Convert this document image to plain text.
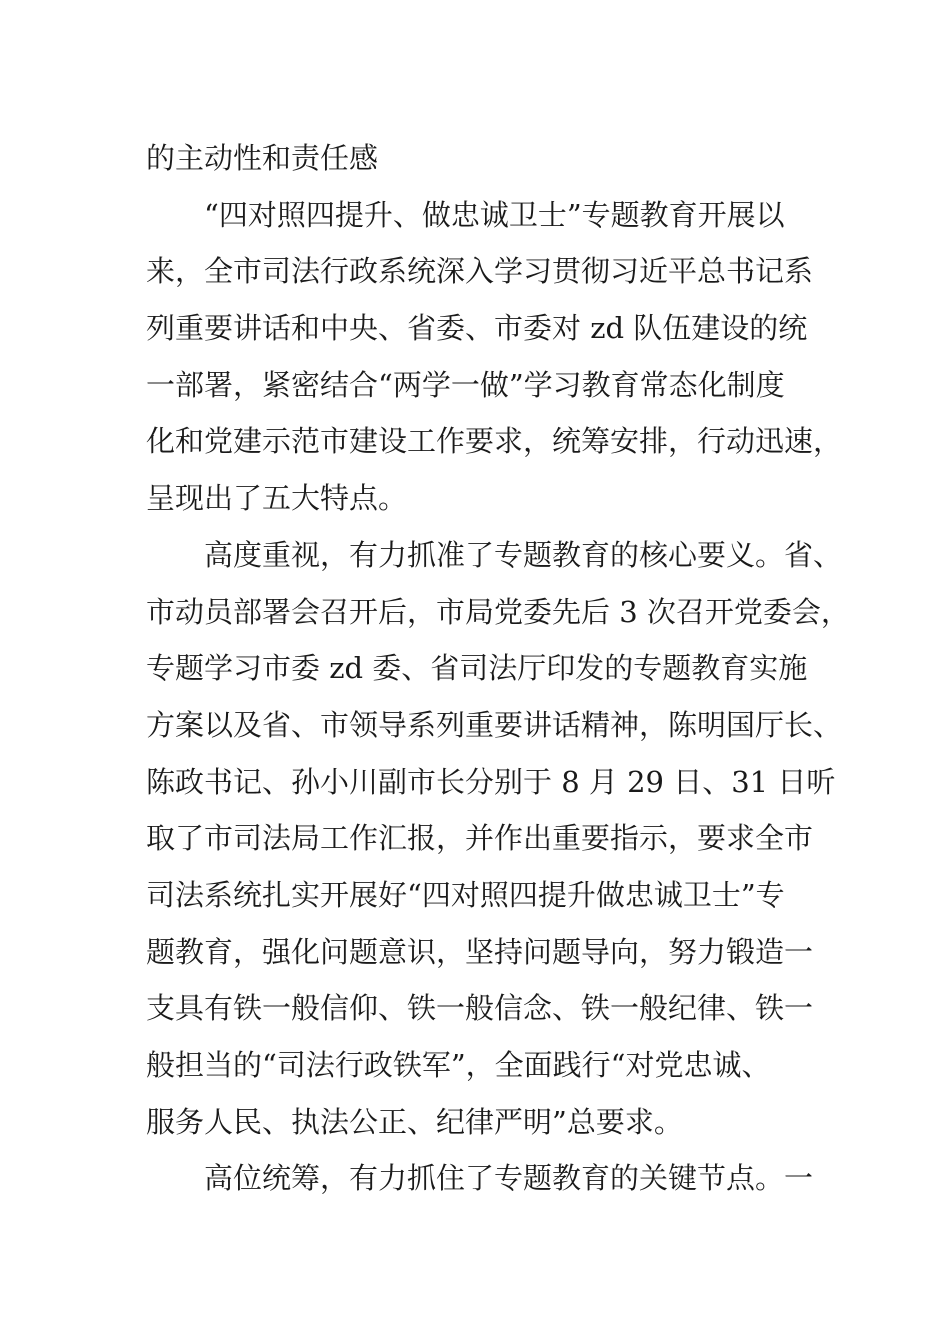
的主动性和责任感
“四对照四提升、做忠诚卫士”专题教育开展以
来，全市司法行政系统深入学习贯彻习近平总书记系
列重要讲话和中央、省委、市委对 zd 队伍建设的统
一部署，紧密结合“两学一做”学习教育常态化制度
化和党建示范市建设工作要求，统筹安排，行动迅速，
呈现出了五大特点。
高度重视，有力抓准了专题教育的核心要义。省、
市动员部署会召开后，市局党委先后 3 次召开党委会，
专题学习市委 zd 委、省司法厅印发的专题教育实施
方案以及省、市领导系列重要讲话精神，陈明国厅长、
陈政书记、孙小川副市长分别于 8 月 29 日、31 日听
取了市司法局工作汇报，并作出重要指示，要求全市
司法系统扎实开展好“四对照四提升做忠诚卫士”专
题教育，强化问题意识，坚持问题导向，努力锻造一
支具有铁一般信仰、铁一般信念、铁一般纪律、铁一
般担当的“司法行政铁军”，全面践行“对党忠诚、
服务人民、执法公正、纪律严明”总要求。
高位统筹，有力抓住了专题教育的关键节点。一
